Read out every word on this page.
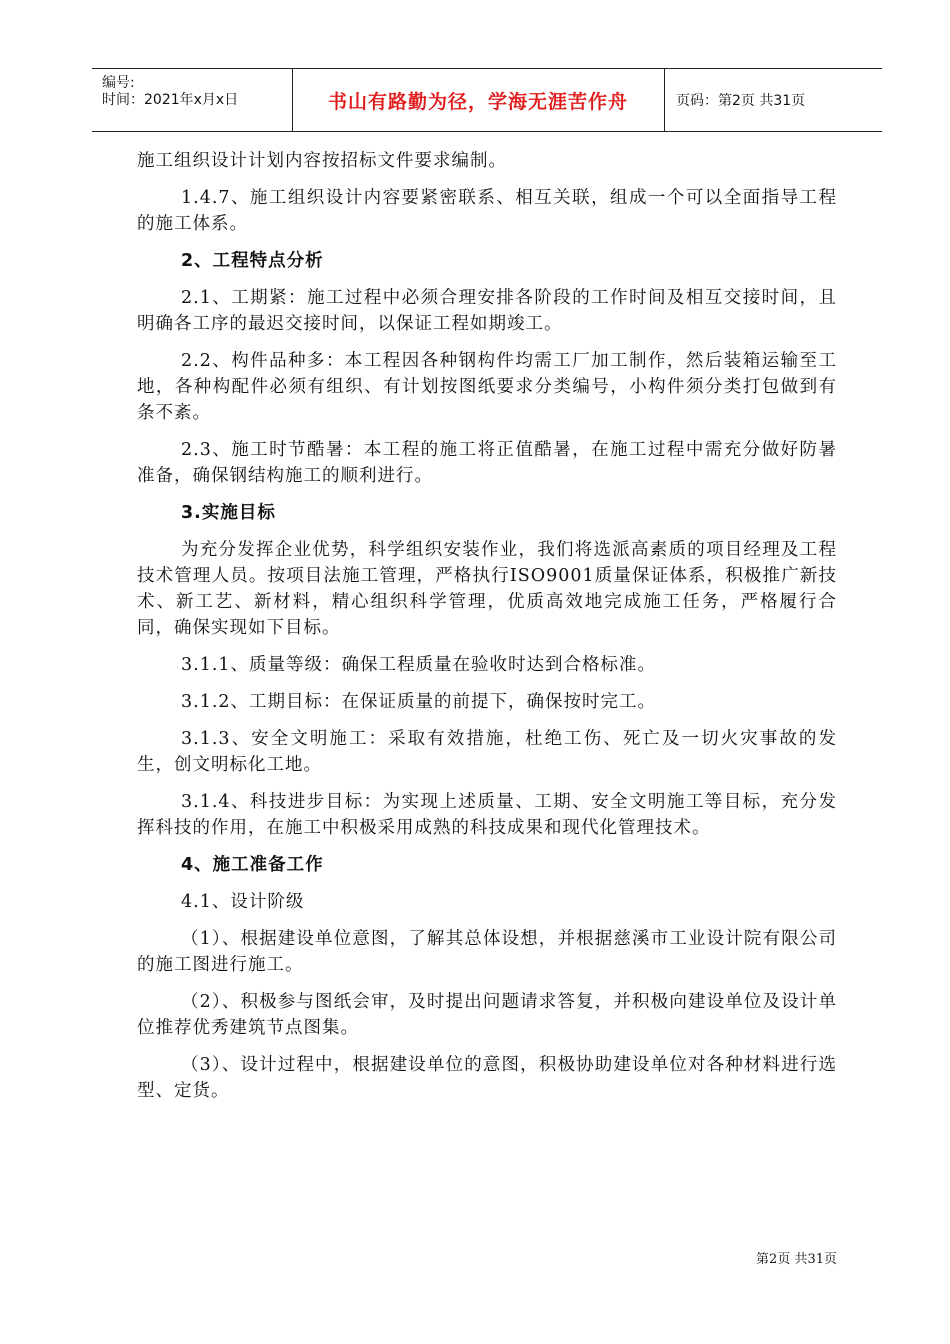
编号:
时间：2021年x月x日	书山有路勤为径，学海无涯苦作舟	页码：第2页 共31页

施工组织设计计划内容按招标文件要求编制。

1.4.7、施工组织设计内容要紧密联系、相互关联，组成一个可以全面指导工程的施工体系。

2、工程特点分析

2.1、工期紧：施工过程中必须合理安排各阶段的工作时间及相互交接时间，且明确各工序的最迟交接时间，以保证工程如期竣工。

2.2、构件品种多：本工程因各种钢构件均需工厂加工制作，然后装箱运输至工地，各种构配件必须有组织、有计划按图纸要求分类编号，小构件须分类打包做到有条不紊。

2.3、施工时节酷暑：本工程的施工将正值酷暑，在施工过程中需充分做好防暑准备，确保钢结构施工的顺利进行。

3.实施目标

为充分发挥企业优势，科学组织安装作业，我们将选派高素质的项目经理及工程技术管理人员。按项目法施工管理，严格执行ISO9001质量保证体系，积极推广新技术、新工艺、新材料，精心组织科学管理，优质高效地完成施工任务，严格履行合同，确保实现如下目标。

3.1.1、质量等级：确保工程质量在验收时达到合格标准。

3.1.2、工期目标：在保证质量的前提下，确保按时完工。

3.1.3、安全文明施工：采取有效措施，杜绝工伤、死亡及一切火灾事故的发生，创文明标化工地。

3.1.4、科技进步目标：为实现上述质量、工期、安全文明施工等目标，充分发挥科技的作用，在施工中积极采用成熟的科技成果和现代化管理技术。

4、施工准备工作

4.1、设计阶级

（1）、根据建设单位意图，了解其总体设想，并根据慈溪市工业设计院有限公司的施工图进行施工。

（2）、积极参与图纸会审，及时提出问题请求答复，并积极向建设单位及设计单位推荐优秀建筑节点图集。

（3）、设计过程中，根据建设单位的意图，积极协助建设单位对各种材料进行选型、定货。

第2页 共31页
